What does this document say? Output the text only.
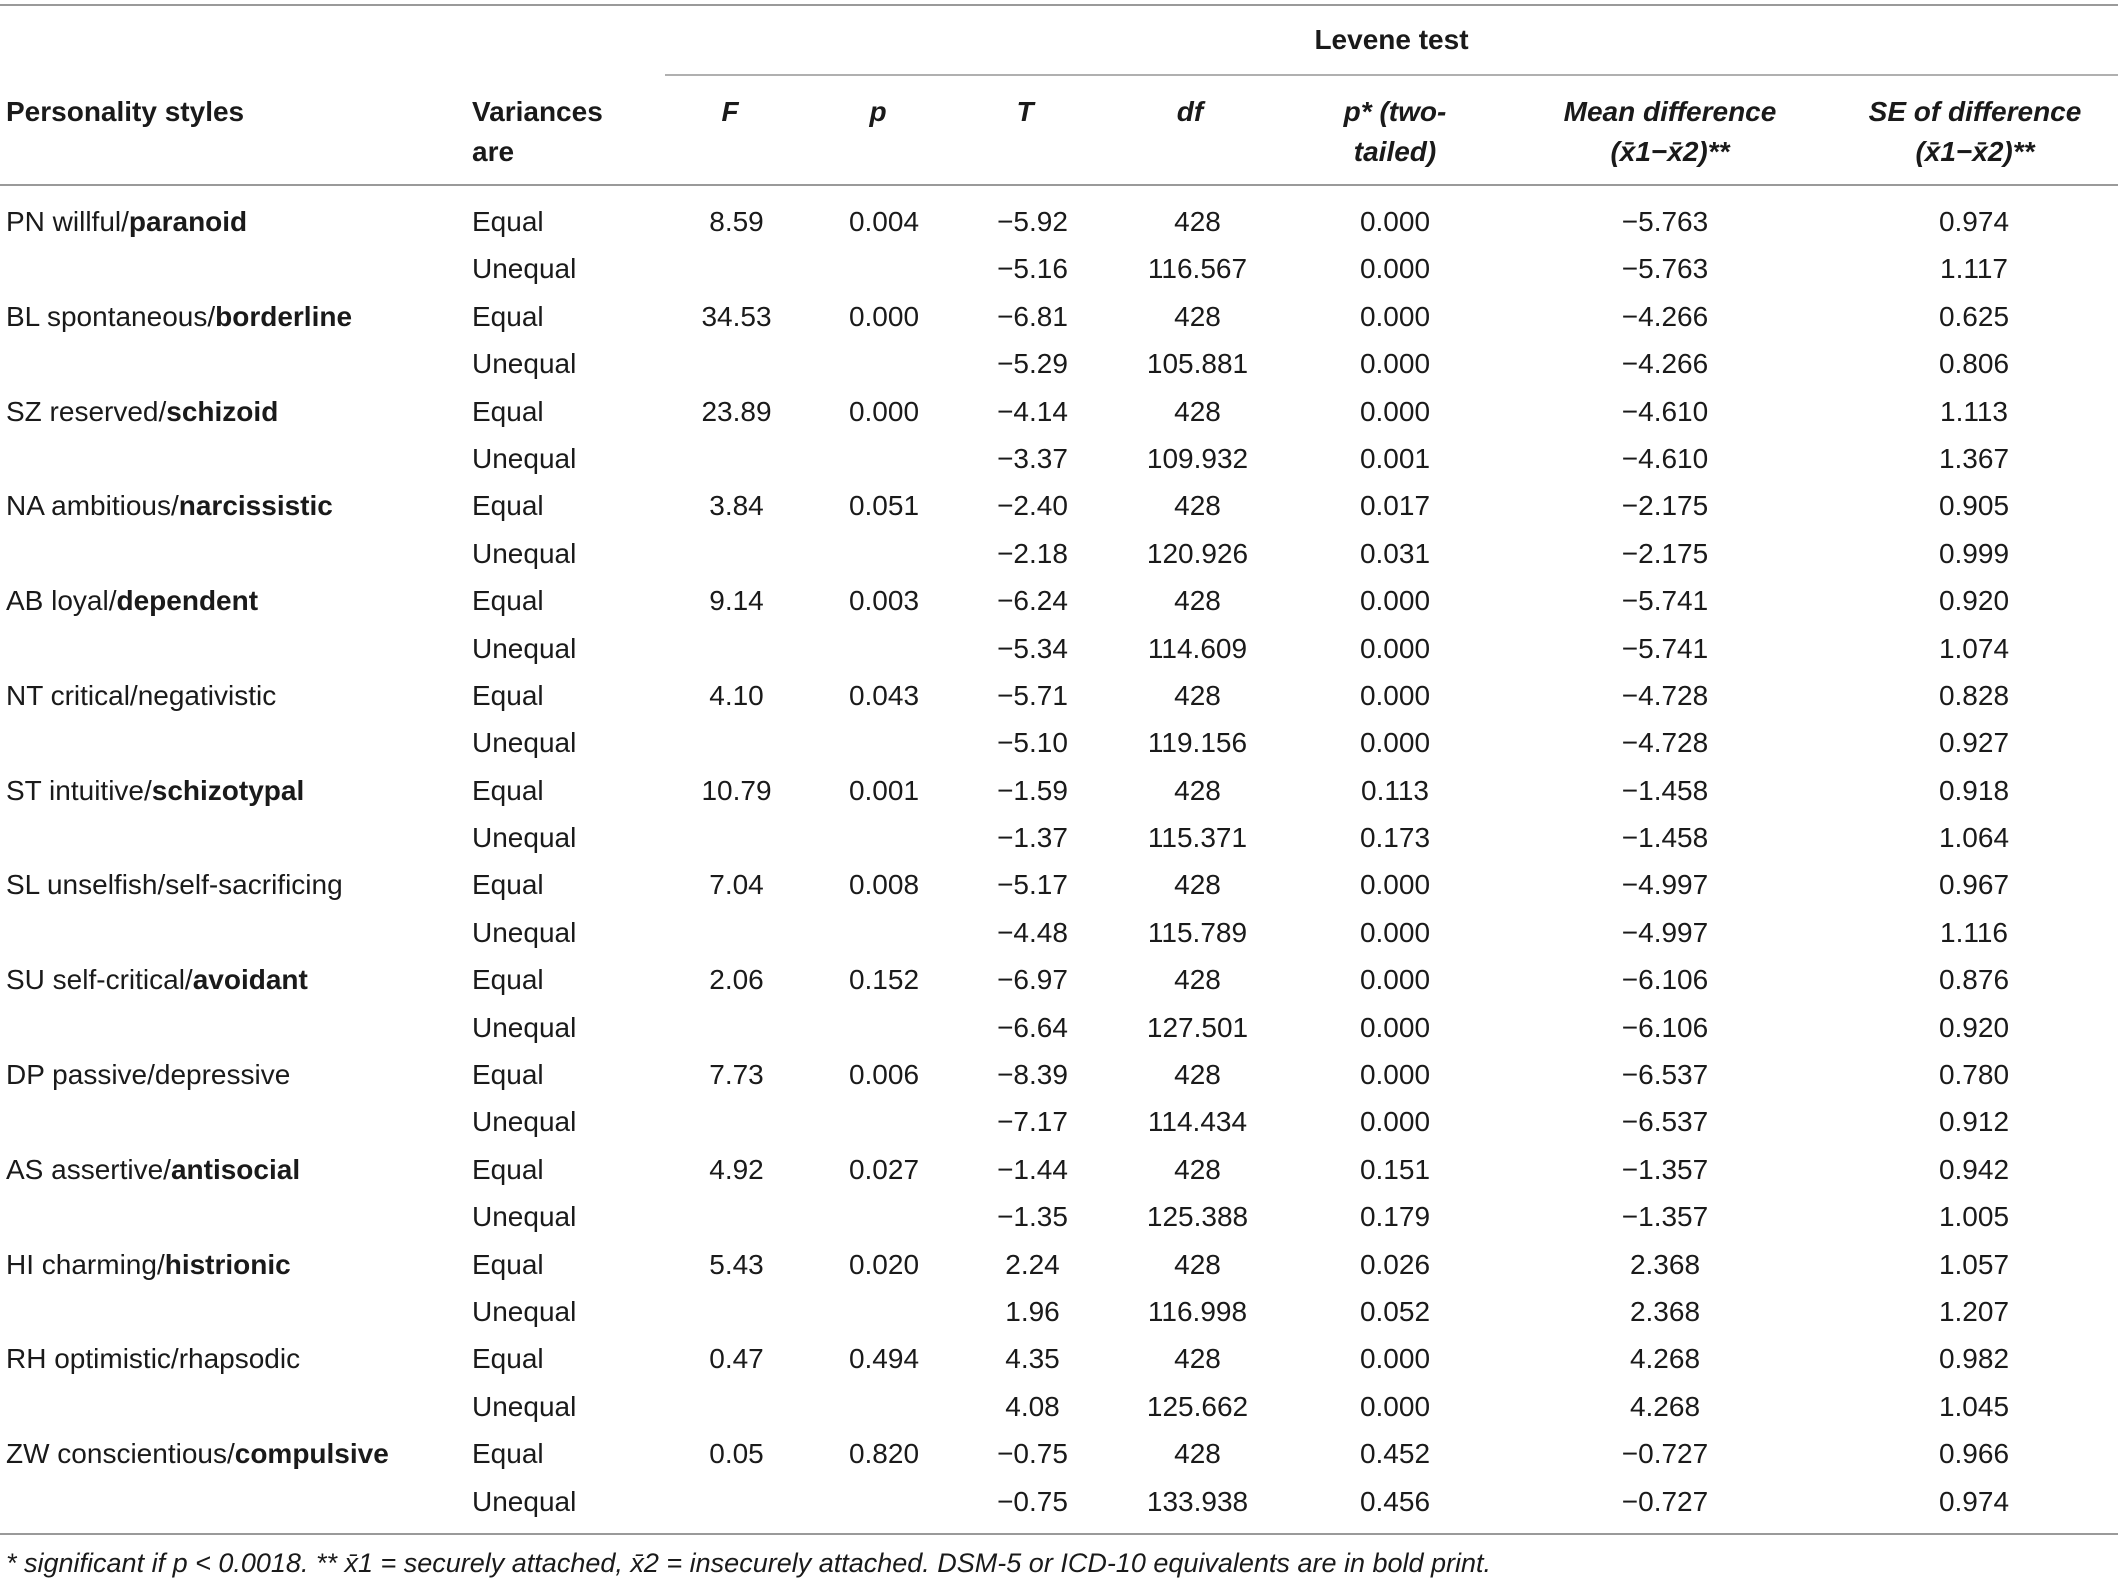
Levene test
Personality styles	Variances
are
F	p	T	df	p* (two-
tailed)
Mean difference
(x̄1−x̄2)**
SE of difference
(x̄1−x̄2)**
PN willful/paranoid	Equal	8.59	0.004	−5.92	428	0.000	−5.763	0.974
	Unequal			−5.16	116.567	0.000	−5.763	1.117
BL spontaneous/borderline	Equal	34.53	0.000	−6.81	428	0.000	−4.266	0.625
	Unequal			−5.29	105.881	0.000	−4.266	0.806
SZ reserved/schizoid	Equal	23.89	0.000	−4.14	428	0.000	−4.610	1.113
	Unequal			−3.37	109.932	0.001	−4.610	1.367
NA ambitious/narcissistic	Equal	3.84	0.051	−2.40	428	0.017	−2.175	0.905
	Unequal			−2.18	120.926	0.031	−2.175	0.999
AB loyal/dependent	Equal	9.14	0.003	−6.24	428	0.000	−5.741	0.920
	Unequal			−5.34	114.609	0.000	−5.741	1.074
NT critical/negativistic	Equal	4.10	0.043	−5.71	428	0.000	−4.728	0.828
	Unequal			−5.10	119.156	0.000	−4.728	0.927
ST intuitive/schizotypal	Equal	10.79	0.001	−1.59	428	0.113	−1.458	0.918
	Unequal			−1.37	115.371	0.173	−1.458	1.064
SL unselfish/self-sacrificing	Equal	7.04	0.008	−5.17	428	0.000	−4.997	0.967
	Unequal			−4.48	115.789	0.000	−4.997	1.116
SU self-critical/avoidant	Equal	2.06	0.152	−6.97	428	0.000	−6.106	0.876
	Unequal			−6.64	127.501	0.000	−6.106	0.920
DP passive/depressive	Equal	7.73	0.006	−8.39	428	0.000	−6.537	0.780
	Unequal			−7.17	114.434	0.000	−6.537	0.912
AS assertive/antisocial	Equal	4.92	0.027	−1.44	428	0.151	−1.357	0.942
	Unequal			−1.35	125.388	0.179	−1.357	1.005
HI charming/histrionic	Equal	5.43	0.020	2.24	428	0.026	2.368	1.057
	Unequal			1.96	116.998	0.052	2.368	1.207
RH optimistic/rhapsodic	Equal	0.47	0.494	4.35	428	0.000	4.268	0.982
	Unequal			4.08	125.662	0.000	4.268	1.045
ZW conscientious/compulsive	Equal	0.05	0.820	−0.75	428	0.452	−0.727	0.966
	Unequal			−0.75	133.938	0.456	−0.727	0.974
* significant if p < 0.0018. ** x̄1 = securely attached, x̄2 = insecurely attached. DSM-5 or ICD-10 equivalents are in bold print.
